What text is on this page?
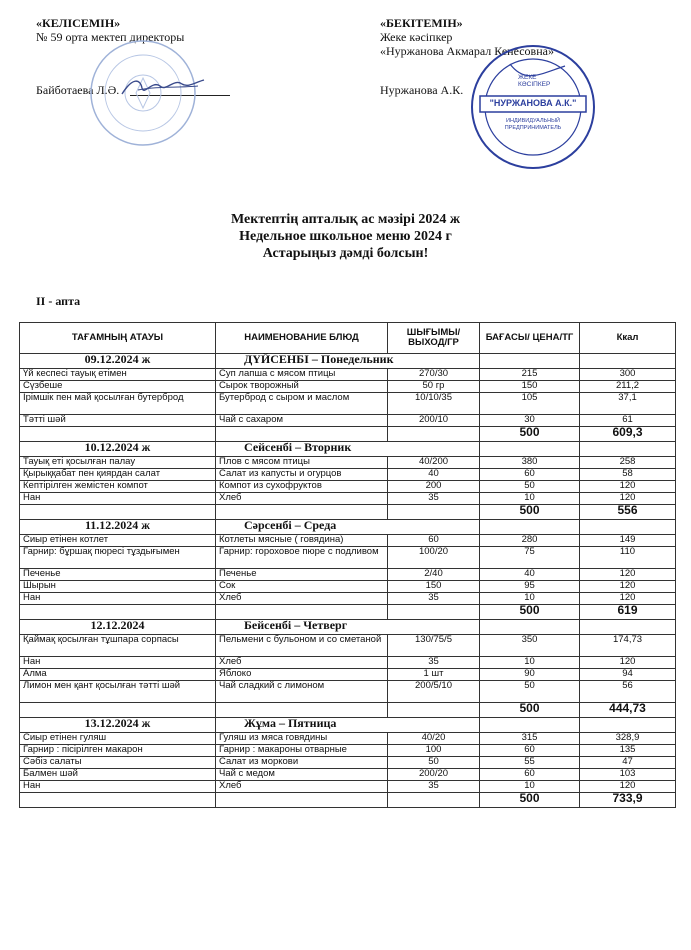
«КЕЛІСЕМІН»
№ 59 орта мектеп директоры
Байботаева Л.Ә.
«БЕКІТЕМІН»
Жеке кәсіпкер
«Нуржанова Акмарал Кенесовна»
Нуржанова А.К.
ЖЕКЕ
КӘСІПКЕР
"НУРЖАНОВА А.К."
ИНДИВИДУАЛЬНЫЙ
ПРЕДПРИНИМАТЕЛЬ
Мектептің апталық ас мәзірі 2024 ж
Недельное школьное меню 2024 г
Астарыңыз дәмді болсын!
II - апта
ТАҒАМНЫҢ АТАУЫ	НАИМЕНОВАНИЕ БЛЮД	ШЫҒЫМЫ/ ВЫХОД/ГР	БАҒАСЫ/ ЦЕНА/ТГ	Ккал
09.12.2024 ж	ДҮЙСЕНБІ – Понедельник			
Үй кеспесі тауық етімен	Суп лапша с мясом птицы	270/30	215	300
Сүзбеше	Сырок творожный	50 гр	150	211,2
Ірімшік пен май қосылған бутерброд	Бутерброд с сыром и маслом	10/10/35	105	37,1
Тәтті шәй	Чай с сахаром	200/10	30	61
			500	609,3
10.12.2024 ж	Сейсенбі – Вторник			
Тауық еті қосылған палау	Плов с мясом птицы	40/200	380	258
Қырыққабат пен қиярдан салат	Салат из капусты и огурцов	40	60	58
Кептірілген жемістен компот	Компот из сухофруктов	200	50	120
Нан	Хлеб	35	10	120
			500	556
11.12.2024 ж	Сәрсенбі – Среда			
Сиыр етінен котлет	Котлеты мясные ( говядина)	60	280	149
Гарнир: бұршақ пюресі тұздығымен	Гарнир: гороховое пюре с подливом	100/20	75	110
Печенье	Печенье	2/40	40	120
Шырын	Сок	150	95	120
Нан	Хлеб	35	10	120
			500	619
12.12.2024	Бейсенбі – Четверг			
Қаймақ қосылған тұшпара сорпасы	Пельмени с бульоном и со сметаной	130/75/5	350	174,73
Нан	Хлеб	35	10	120
Алма	Яблоко	1 шт	90	94
Лимон мен қант қосылған тәтті шәй	Чай сладкий с лимоном	200/5/10	50	56
			500	444,73
13.12.2024 ж	Жұма – Пятница			
Сиыр етінен гуляш	Гуляш из мяса говядины	40/20	315	328,9
Гарнир : пісірілген макарон	Гарнир : макароны отварные	100	60	135
Сәбіз салаты	Салат из моркови	50	55	47
Балмен шәй	Чай с медом	200/20	60	103
Нан	Хлеб	35	10	120
			500	733,9
